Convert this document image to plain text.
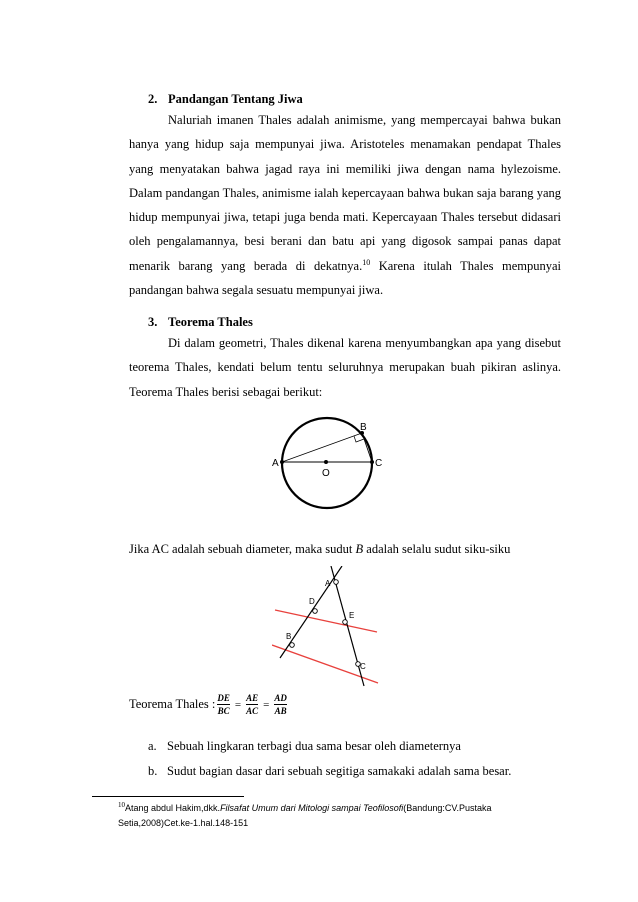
2. Pandangan Tentang Jiwa

Naluriah imanen Thales adalah animisme, yang mempercayai bahwa bukan hanya yang hidup saja mempunyai jiwa. Aristoteles menamakan pendapat Thales yang menyatakan bahwa jagad raya ini memiliki jiwa dengan nama hylezoisme. Dalam pandangan Thales, animisme ialah kepercayaan bahwa bukan saja barang yang hidup mempunyai jiwa, tetapi juga benda mati. Kepercayaan Thales tersebut didasari oleh pengalamannya, besi berani dan batu api yang digosok sampai panas dapat menarik barang yang berada di dekatnya.$^{10}$ Karena itulah Thales mempunyai pandangan bahwa segala sesuatu mempunyai jiwa.

3. Teorema Thales

Di dalam geometri, Thales dikenal karena menyumbangkan apa yang disebut teorema Thales, kendati belum tentu seluruhnya merupakan buah pikiran aslinya. Teorema Thales berisi sebagai berikut:

A	C
B
O
Jika AC adalah sebuah diameter, maka sudut B adalah selalu sudut siku-siku
A
D
E
B
C
Teorema Thales : $\frac{DE}{BC} = \frac{AE}{AC} = \frac{AD}{AB}$
a. Sebuah lingkaran terbagi dua sama besar oleh diameternya
b. Sudut bagian dasar dari sebuah segitiga samakaki adalah sama besar.
$^{10}$Atang abdul Hakim,dkk.Filsafat Umum dari Mitologi sampai Teofilosofi(Bandung:CV.Pustaka Setia,2008)Cet.ke-1.hal.148-151
